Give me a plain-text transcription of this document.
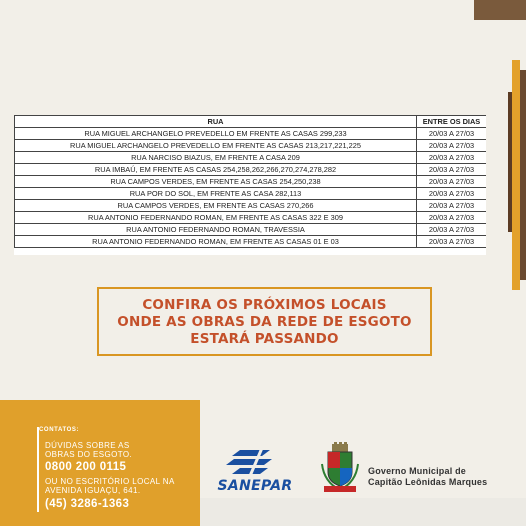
RUA	ENTRE OS DIAS
RUA MIGUEL ARCHANGELO PREVEDELLO EM FRENTE AS CASAS 299,233	20/03 A 27/03
RUA MIGUEL ARCHANGELO PREVEDELLO EM FRENTE AS CASAS 213,217,221,225	20/03 A 27/03
RUA NARCISO BIAZUS, EM FRENTE A CASA 209	20/03 A 27/03
RUA IMBAÚ, EM FRENTE AS CASAS 254,258,262,266,270,274,278,282	20/03 A 27/03
RUA CAMPOS VERDES, EM FRENTE AS CASAS 254,250,238	20/03 A 27/03
RUA POR DO SOL, EM FRENTE AS CASA 282,113	20/03 A 27/03
RUA CAMPOS VERDES, EM FRENTE AS CASAS 270,266	20/03 A 27/03
RUA ANTONIO FEDERNANDO ROMAN, EM FRENTE AS CASAS 322 E 309	20/03 A 27/03
RUA ANTONIO FEDERNANDO ROMAN, TRAVESSIA	20/03 A 27/03
RUA ANTONIO FEDERNANDO ROMAN, EM FRENTE AS CASAS 01 E 03	20/03 A 27/03
CONFIRA OS PRÓXIMOS LOCAIS
ONDE AS OBRAS DA REDE DE ESGOTO
ESTARÁ PASSANDO
CONTATOS:
DÚVIDAS SOBRE AS
OBRAS DO ESGOTO.
0800 200 0115
OU NO ESCRITÓRIO LOCAL NA
AVENIDA IGUAÇU, 641.
(45) 3286-1363
SANEPAR
Governo Municipal de
Capitão Leônidas Marques
